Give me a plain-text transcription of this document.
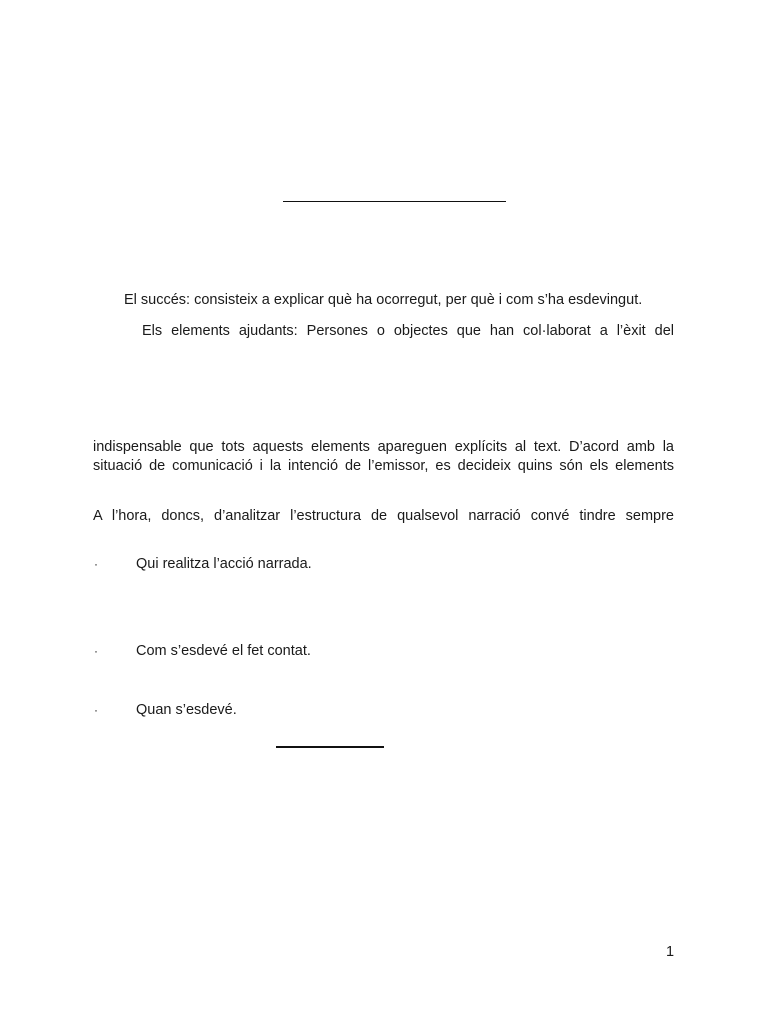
El succés: consisteix a explicar què ha ocorregut, per què i com s’ha esdevingut.
Els elements ajudants: Persones o objectes que han col·laborat a l’èxit del
indispensable que tots aquests elements apareguen explícits al text. D’acord amb la
situació de comunicació i la intenció de l’emissor, es decideix quins són els elements
A l’hora, doncs, d’analitzar l’estructura de qualsevol narració convé tindre sempre
·	Qui realitza l’acció narrada.
·	Com s’esdevé el fet contat.
·	Quan s’esdevé.
1
